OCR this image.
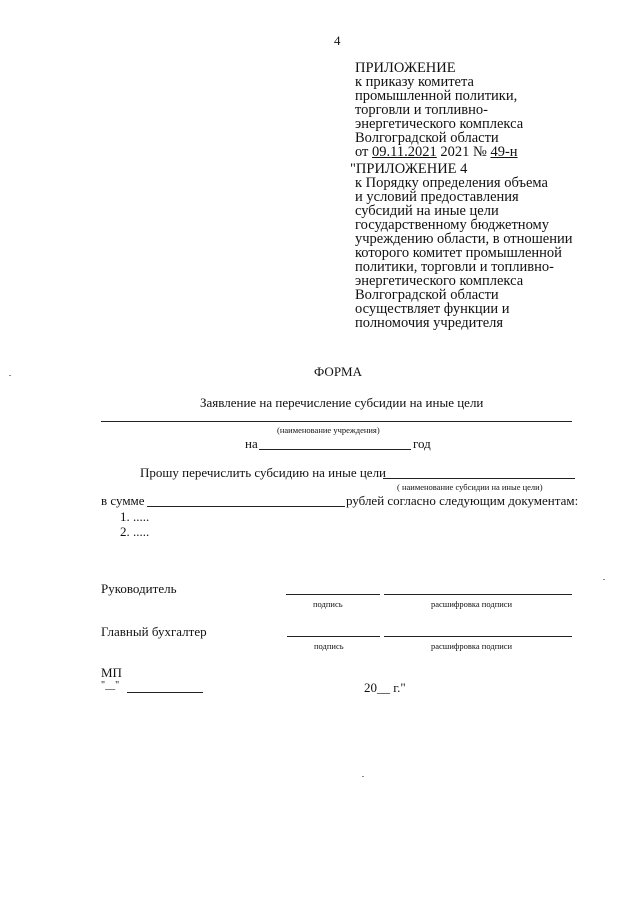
4
ПРИЛОЖЕНИЕ
к приказу комитета
промышленной политики,
торговли и топливно-
энергетического комплекса
Волгоградской области
от 09.11.2021 2021 № 49-н
"ПРИЛОЖЕНИЕ 4
к Порядку определения объема
и условий предоставления
субсидий на иные цели
государственному бюджетному
учреждению области, в отношении
которого комитет промышленной
политики, торговли и топливно-
энергетического комплекса
Волгоградской области
осуществляет функции и
полномочия учредителя
ФОРМА
Заявление на перечисление субсидии на иные цели
(наименование учреждения)
на	год
Прошу перечислить субсидию на иные цели
( наименование субсидии на иные цели)
в сумме	рублей согласно следующим документам:
1. .....
2. .....
Руководитель
подпись	расшифровка подписи
Главный бухгалтер
подпись	расшифровка подписи
МП
"__"	20__ г."
